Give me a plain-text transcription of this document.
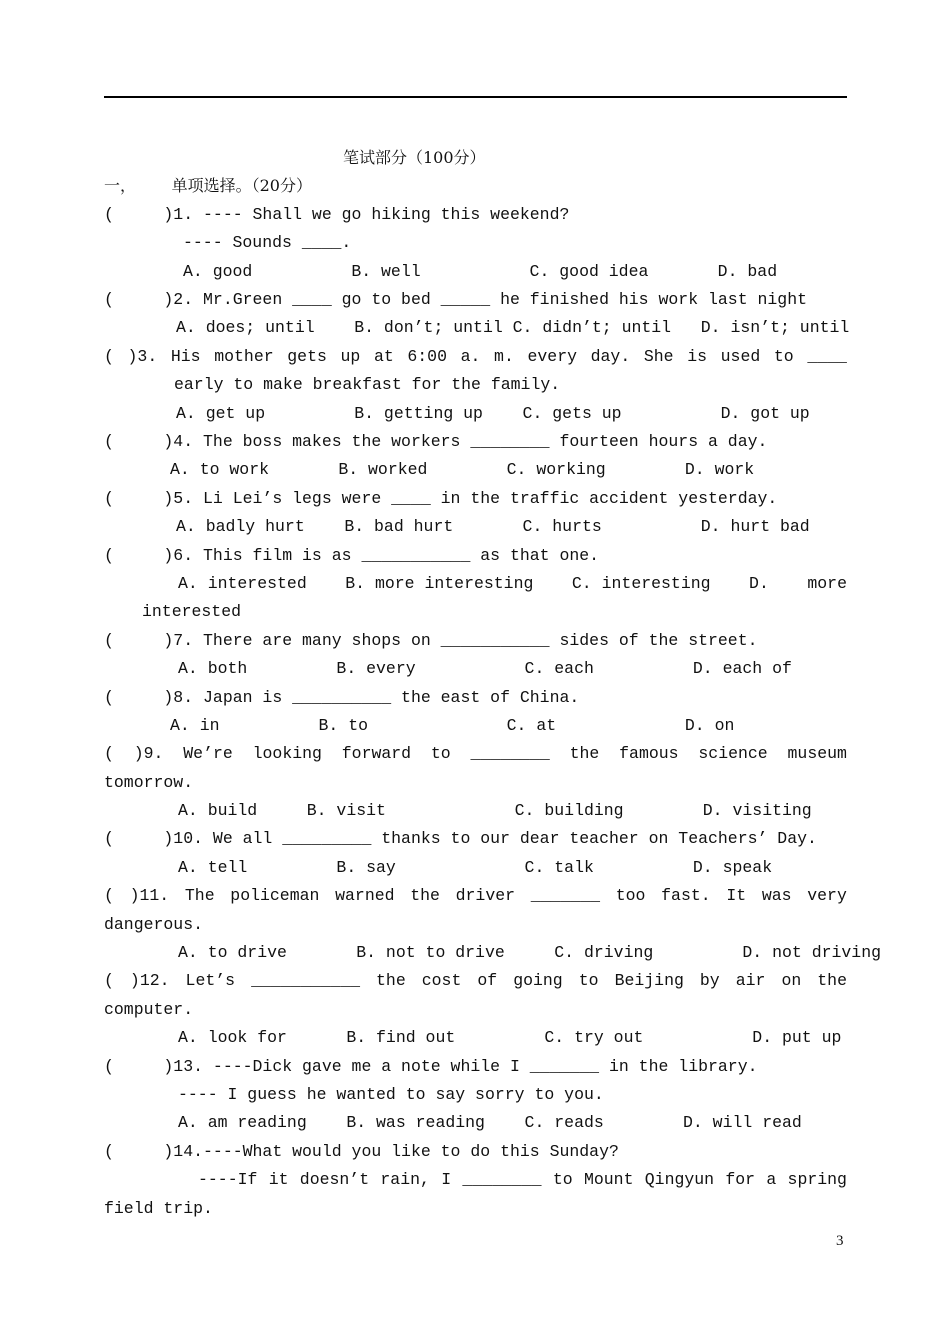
笔试部分（100分）
一，       单项选择。（20分）
(     )1. ---- Shall we go hiking this weekend?
---- Sounds ____.
A. good          B. well           C. good idea       D. bad
(     )2. Mr.Green ____ go to bed _____ he finished his work last night
A. does; until    B. don’t; until C. didn’t; until   D. isn’t; until
( )3. His mother gets up at 6:00 a. m. every day. She is used to ____
early to make breakfast for the family.
A. get up         B. getting up    C. gets up          D. got up
(     )4. The boss makes the workers ________ fourteen hours a day.
A. to work       B. worked        C. working        D. work
(     )5. Li Lei’s legs were ____ in the traffic accident yesterday.
A. badly hurt    B. bad hurt       C. hurts          D. hurt bad
(     )6. This film is as ___________ as that one.
A. interested B. more interesting C. interesting D. more
interested
(     )7. There are many shops on ___________ sides of the street.
A. both         B. every           C. each          D. each of
(     )8. Japan is __________ the east of China.
A. in          B. to              C. at             D. on
( )9. We’re looking forward to ________ the famous science museum
tomorrow.
A. build     B. visit             C. building        D. visiting
(     )10. We all _________ thanks to our dear teacher on Teachers’ Day.
A. tell         B. say             C. talk          D. speak
( )11. The policeman warned the driver _______ too fast. It was very
dangerous.
A. to drive       B. not to drive     C. driving         D. not driving
( )12. Let’s ___________ the cost of going to Beijing by air on the
computer.
A. look for      B. find out         C. try out           D. put up
(     )13. ----Dick gave me a note while I _______ in the library.
---- I guess he wanted to say sorry to you.
A. am reading    B. was reading    C. reads        D. will read
(     )14.----What would you like to do this Sunday?
----If it doesn’t rain, I ________ to Mount Qingyun for a spring
field trip.
3
